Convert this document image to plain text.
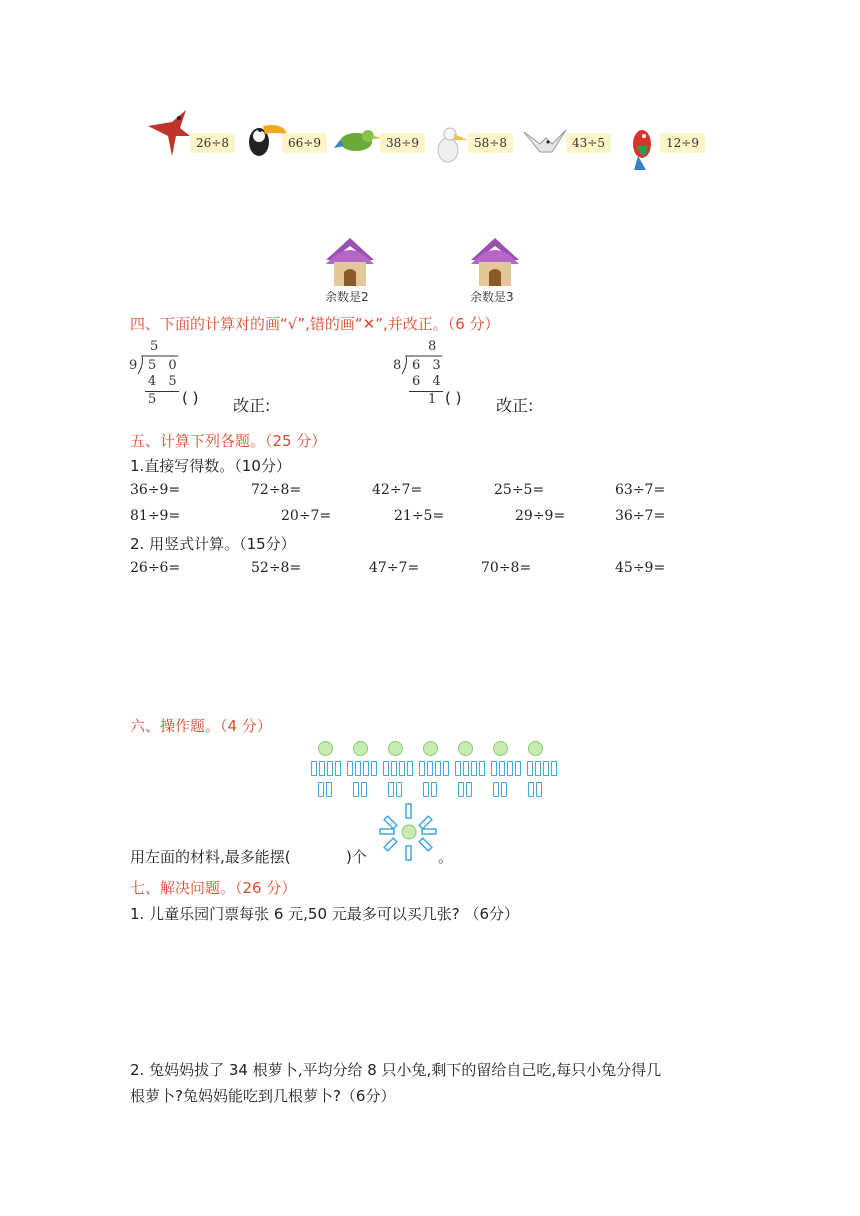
26÷8	66÷9	38÷9	58÷8	43÷5	12÷9
余数是2	余数是3
四、下面的计算对的画“√”,错的画“✕”,并改正。（6 分）
5
9 5 0
4 5
5 ( ) 改正:
8
8 6 3
6 4
1 ( ) 改正:
五、计算下列各题。（25 分）
1.直接写得数。（10分）
36÷9=	72÷8=	42÷7=	25÷5=	63÷7=
81÷9=	20÷7=	21÷5=	29÷9=	36÷7=
2. 用竖式计算。（15分）
26÷6=	52÷8=	47÷7=	70÷8=	45÷9=
六、操作题。（4 分）
用左面的材料,最多能摆(	)个	。
七、解决问题。（26 分）
1. 儿童乐园门票每张 6 元,50 元最多可以买几张? （6分）
2. 兔妈妈拔了 34 根萝卜,平均分给 8 只小兔,剩下的留给自己吃,每只小兔分得几
根萝卜?兔妈妈能吃到几根萝卜?（6分）
